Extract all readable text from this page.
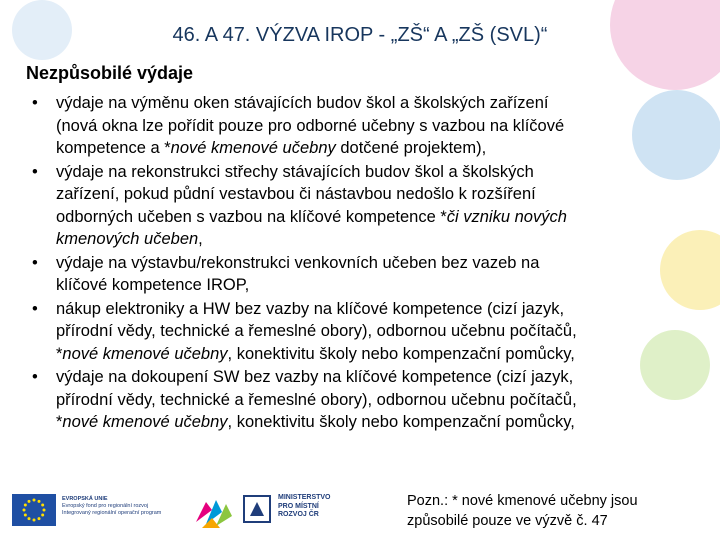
46. A 47. VÝZVA IROP - „ZŠ“ A „ZŠ (SVL)“
Nezpůsobilé výdaje
• výdaje na výměnu oken stávajících budov škol a školských zařízení
(nová okna lze pořídit pouze pro odborné učebny s vazbou na klíčové
kompetence a *nové kmenové učebny dotčené projektem),
• výdaje na rekonstrukci střechy stávajících budov škol a školských
zařízení, pokud půdní vestavbou či nástavbou nedošlo k rozšíření
odborných učeben s vazbou na klíčové kompetence *či vzniku nových
kmenových učeben,
• výdaje na výstavbu/rekonstrukci venkovních učeben bez vazeb na
klíčové kompetence IROP,
• nákup elektroniky a HW bez vazby na klíčové kompetence (cizí jazyk,
přírodní vědy, technické a řemeslné obory), odbornou učebnu počítačů,
*nové kmenové učebny, konektivitu školy nebo kompenzační pomůcky,
• výdaje na dokoupení SW bez vazby na klíčové kompetence (cizí jazyk,
přírodní vědy, technické a řemeslné obory), odbornou učebnu počítačů,
*nové kmenové učebny, konektivitu školy nebo kompenzační pomůcky,
EVROPSKÁ UNIE
Evropský fond pro regionální rozvoj
Integrovaný regionální operační program
MINISTERSTVO
PRO MÍSTNÍ
ROZVOJ ČR
Pozn.: * nové kmenové učebny jsou
způsobilé pouze ve výzvě č. 47
